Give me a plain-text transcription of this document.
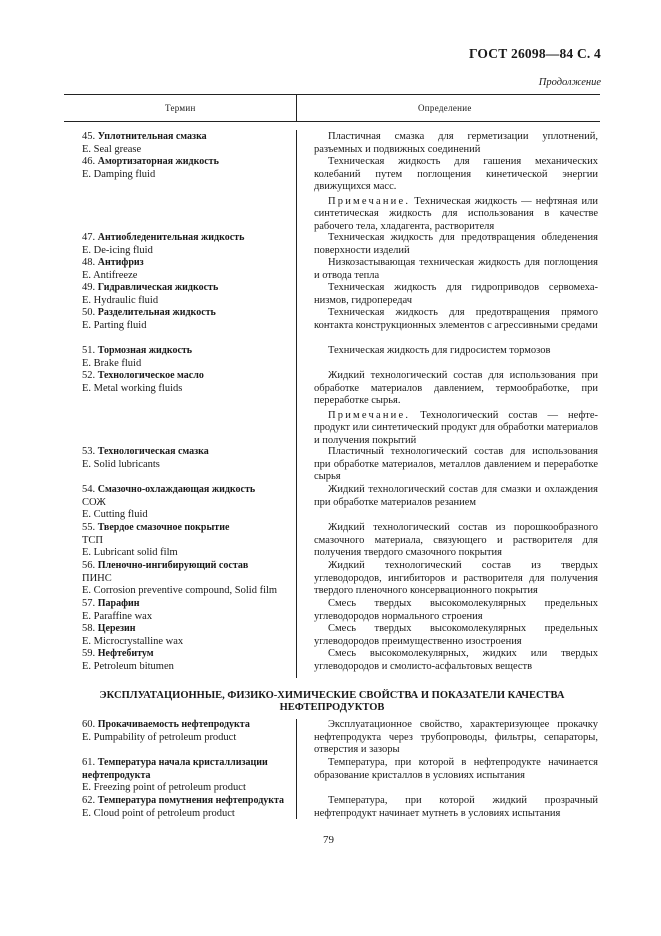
ГОСТ 26098—84 С. 4
Продолжение
Термин	Определение
45. Уплотнительная смазка
E. Seal grease

Пластичная смазка для герметизации уплотнений, разъемных и подвижных соединений

46. Амортизаторная жидкость
E. Damping fluid

Техническая жидкость для гашения механических колебаний путем поглощения кинетической энергии движущихся масс.

Примечание. Техническая жидкость — нефтяная или синтетическая жидкость для использования в качестве рабочего тела, хладагента, растворителя

47. Антиобледенительная жидкость
E. De-icing fluid

Техническая жидкость для предотвращения обледенения поверхности изделий

48. Антифриз
E. Antifreeze

Низкозастывающая техническая жидкость для поглощения и отвода тепла

49. Гидравлическая жидкость
E. Hydraulic fluid

Техническая жидкость для гидроприводов сервомеха-низмов, гидропередач

50. Разделительная жидкость
E. Parting fluid

Техническая жидкость для предотвращения прямого контакта конструкционных элементов с агрессивными средами

51. Тормозная жидкость
E. Brake fluid

Техническая жидкость для гидросистем тормозов

52. Технологическое масло
E. Metal working fluids

Жидкий технологический состав для использования при обработке материалов давлением, термообработке, при переработке сырья.

Примечание. Технологический состав — нефте-продукт или синтетический продукт для обработки материалов и получения покрытий

53. Технологическая смазка
E. Solid lubricants

Пластичный технологический состав для использования при обработке материалов, металлов давлением и переработке сырья

54. Смазочно-охлаждающая жидкость
СОЖ
E. Cutting fluid

Жидкий технологический состав для смазки и охлаждения при обработке материалов резанием

55. Твердое смазочное покрытие
ТСП
E. Lubricant solid film

Жидкий технологический состав из порошкообразного смазочного материала, связующего и растворителя для получения твердого смазочного покрытия

56. Пленочно-ингибирующий состав
ПИНС
E. Corrosion preventive compound, Solid film

Жидкий технологический состав из твердых углеводородов, ингибиторов и растворителя для получения твердого пленочного консервационного покрытия

57. Парафин
E. Paraffine wax

Смесь твердых высокомолекулярных предельных углеводородов нормального строения

58. Церезин
E. Microcrystalline wax

Смесь твердых высокомолекулярных предельных углеводородов преимущественно изостроения

59. Нефтебитум
E. Petroleum bitumen

Смесь высокомолекулярных, жидких или твердых углеводородов и смолисто-асфальтовых веществ

ЭКСПЛУАТАЦИОННЫЕ, ФИЗИКО-ХИМИЧЕСКИЕ СВОЙСТВА И ПОКАЗАТЕЛИ КАЧЕСТВА НЕФТЕПРОДУКТОВ
60. Прокачиваемость нефтепродукта
E. Pumpability of petroleum product

Эксплуатационное свойство, характеризующее прокачку нефтепродукта через трубопроводы, фильтры, сепараторы, отверстия и зазоры

61. Температура начала кристаллизации нефтепродукта
E. Freezing point of petroleum product

Температура, при которой в нефтепродукте начинается образование кристаллов в условиях испытания

62. Температура помутнения нефтепродукта
E. Cloud point of petroleum product

Температура, при которой жидкий прозрачный нефтепродукт начинает мутнеть в условиях испытания

79
